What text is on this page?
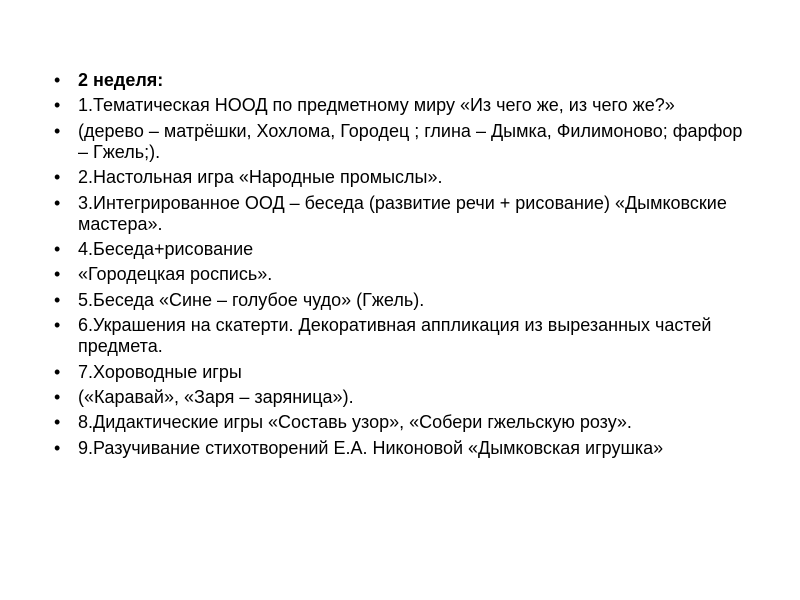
• 2 неделя:
• 1.Тематическая НООД по предметному миру «Из чего же, из чего же?»
• (дерево – матрёшки, Хохлома, Городец ; глина – Дымка, Филимоново; фарфор – Гжель;).
• 2.Настольная игра «Народные промыслы».
• 3.Интегрированное ООД – беседа (развитие речи + рисование) «Дымковские мастера».
• 4.Беседа+рисование
• «Городецкая роспись».
• 5.Беседа «Сине – голубое чудо» (Гжель).
• 6.Украшения на скатерти. Декоративная аппликация из вырезанных частей предмета.
• 7.Хороводные игры
• («Каравай», «Заря – заряница»).
• 8.Дидактические игры «Составь узор», «Собери гжельскую розу».
• 9.Разучивание стихотворений Е.А. Никоновой «Дымковская игрушка»
